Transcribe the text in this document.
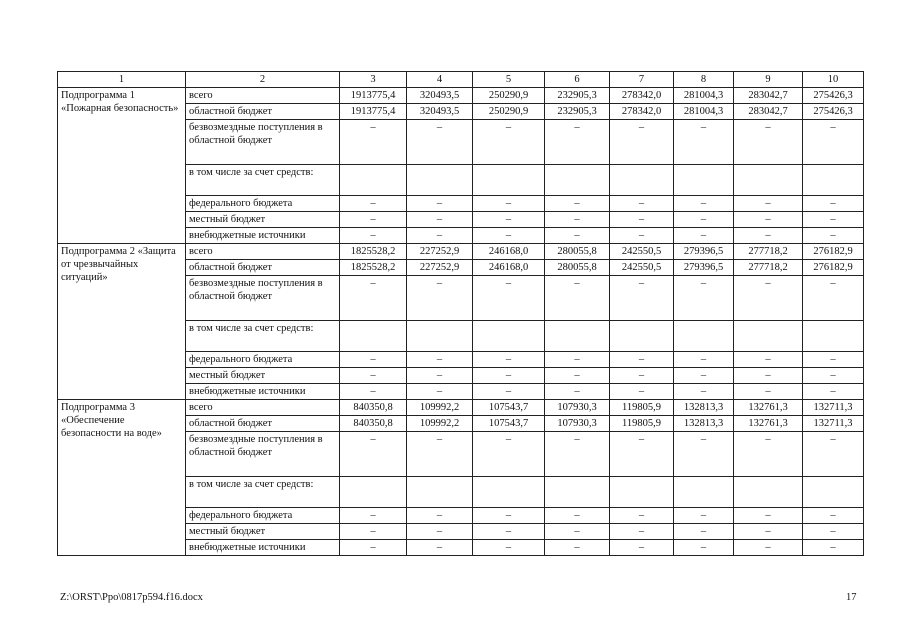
1	2	3	4	5	6	7	8	9	10
Подпрограмма 1 «Пожарная безопасность»	всего	1913775,4	320493,5	250290,9	232905,3	278342,0	281004,3	283042,7	275426,3
	областной бюджет	1913775,4	320493,5	250290,9	232905,3	278342,0	281004,3	283042,7	275426,3
	безвозмездные поступления в областной бюджет	–	–	–	–	–	–	–	–
	в том числе за счет средств:								
	федерального бюджета	–	–	–	–	–	–	–	–
	местный бюджет	–	–	–	–	–	–	–	–
	внебюджетные источники	–	–	–	–	–	–	–	–
Подпрограмма 2 «Защита от чрезвычайных ситуаций»	всего	1825528,2	227252,9	246168,0	280055,8	242550,5	279396,5	277718,2	276182,9
	областной бюджет	1825528,2	227252,9	246168,0	280055,8	242550,5	279396,5	277718,2	276182,9
	безвозмездные поступления в областной бюджет	–	–	–	–	–	–	–	–
	в том числе за счет средств:								
	федерального бюджета	–	–	–	–	–	–	–	–
	местный бюджет	–	–	–	–	–	–	–	–
	внебюджетные источники	–	–	–	–	–	–	–	–
Подпрограмма 3 «Обеспечение безопасности на воде»	всего	840350,8	109992,2	107543,7	107930,3	119805,9	132813,3	132761,3	132711,3
	областной бюджет	840350,8	109992,2	107543,7	107930,3	119805,9	132813,3	132761,3	132711,3
	безвозмездные поступления в областной бюджет	–	–	–	–	–	–	–	–
	в том числе за счет средств:								
	федерального бюджета	–	–	–	–	–	–	–	–
	местный бюджет	–	–	–	–	–	–	–	–
	внебюджетные источники	–	–	–	–	–	–	–	–
Z:\ORST\Ppo\0817p594.f16.docx	17
